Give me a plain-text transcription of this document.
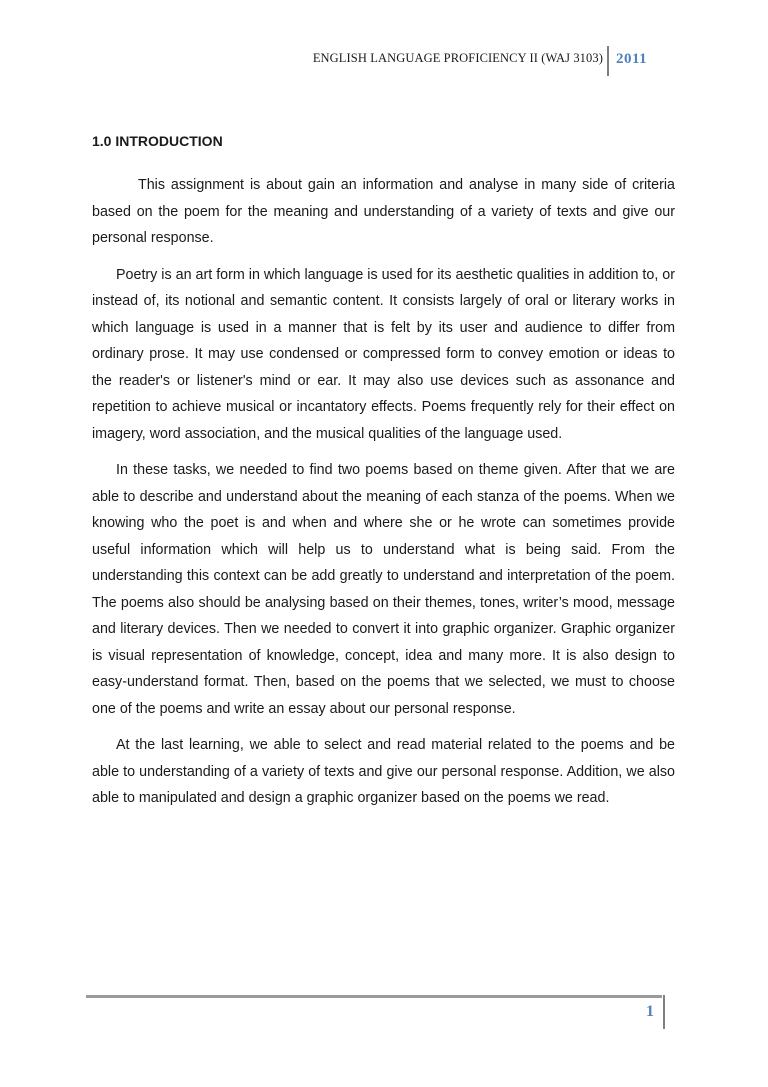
ENGLISH LANGUAGE PROFICIENCY II (WAJ 3103) 2011
1.0 INTRODUCTION

This assignment is about gain an information and analyse in many side of criteria based on the poem for the meaning and understanding of a variety of texts and give our personal response.

Poetry is an art form in which language is used for its aesthetic qualities in addition to, or instead of, its notional and semantic content. It consists largely of oral or literary works in which language is used in a manner that is felt by its user and audience to differ from ordinary prose. It may use condensed or compressed form to convey emotion or ideas to the reader's or listener's mind or ear. It may also use devices such as assonance and repetition to achieve musical or incantatory effects. Poems frequently rely for their effect on imagery, word association, and the musical qualities of the language used.

In these tasks, we needed to find two poems based on theme given. After that we are able to describe and understand about the meaning of each stanza of the poems. When we knowing who the poet is and when and where she or he wrote can sometimes provide useful information which will help us to understand what is being said. From the understanding this context can be add greatly to understand and interpretation of the poem. The poems also should be analysing based on their themes, tones, writer’s mood, message and literary devices. Then we needed to convert it into graphic organizer. Graphic organizer is visual representation of knowledge, concept, idea and many more. It is also design to easy-understand format. Then, based on the poems that we selected, we must to choose one of the poems and write an essay about our personal response.

At the last learning, we able to select and read material related to the poems and be able to understanding of a variety of texts and give our personal response. Addition, we also able to manipulated and design a graphic organizer based on the poems we read.

1
